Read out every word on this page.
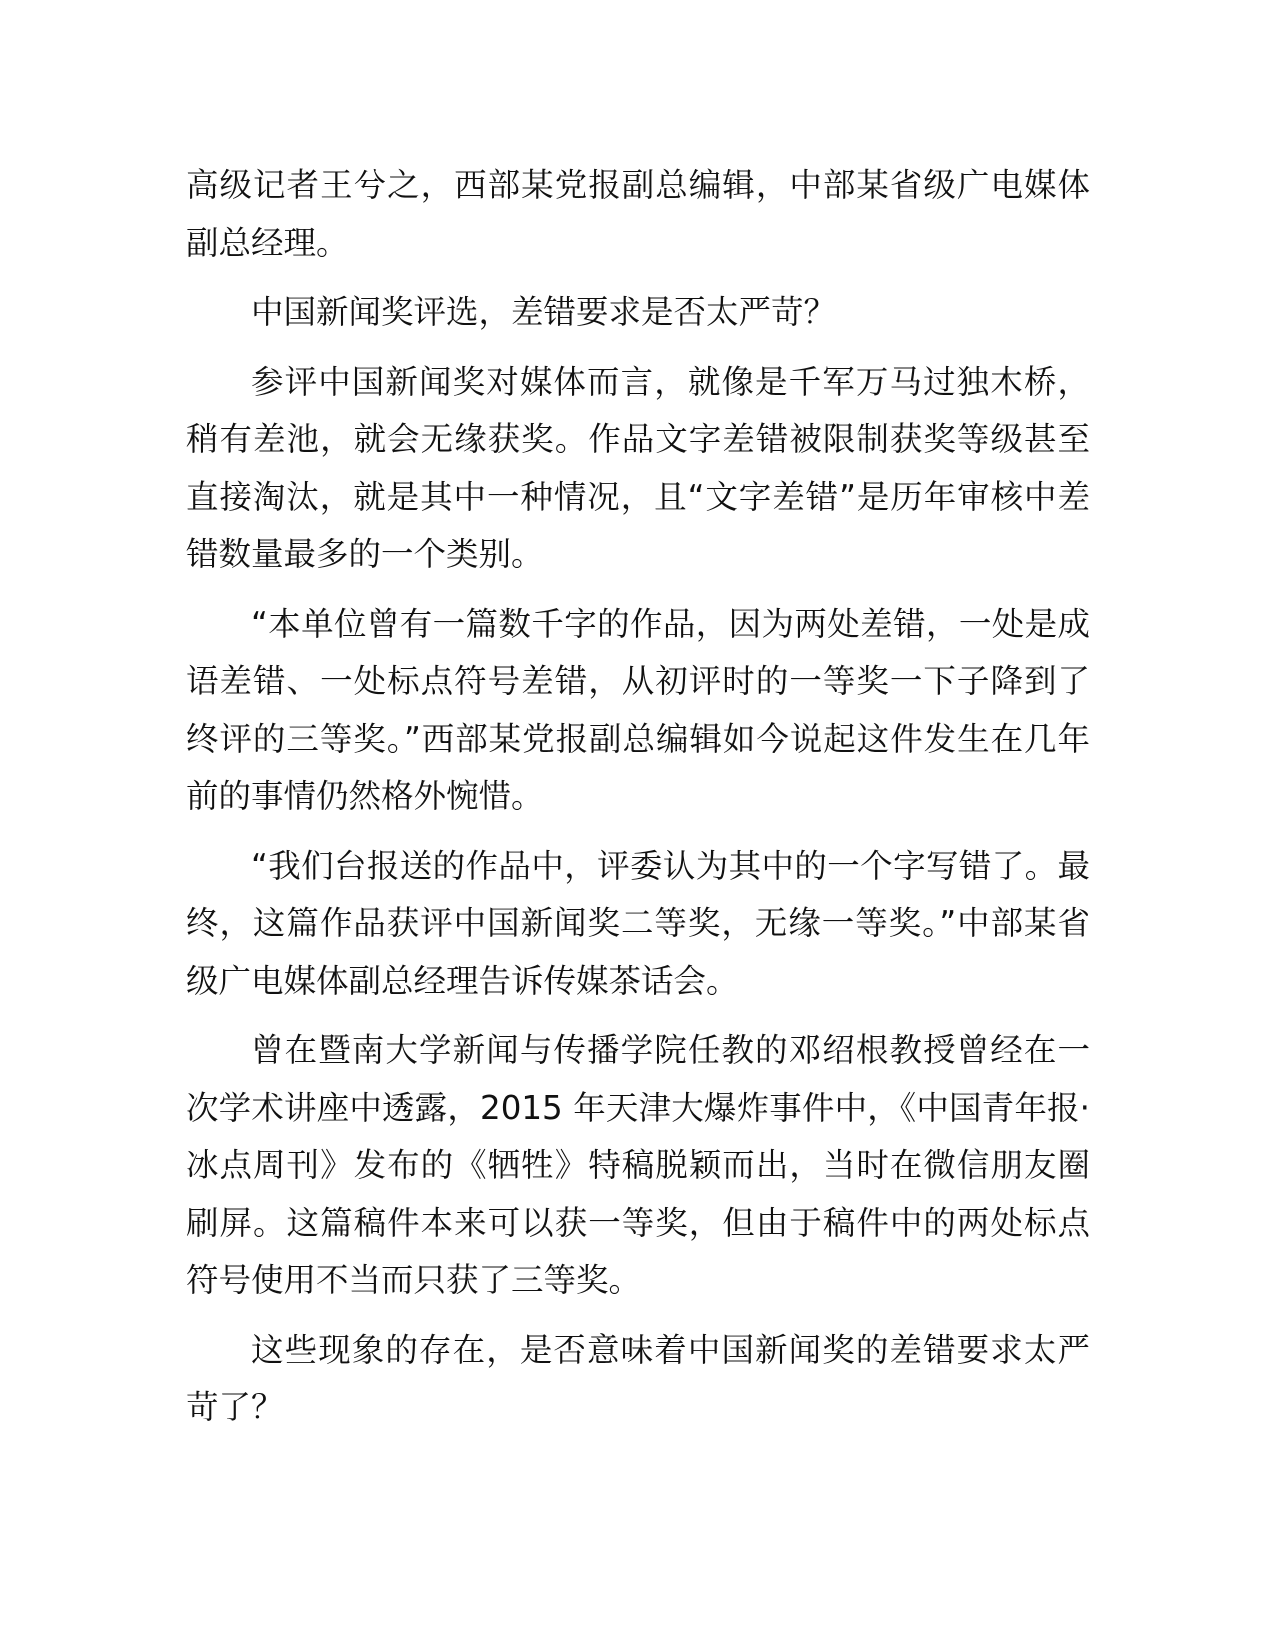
高级记者王兮之，西部某党报副总编辑，中部某省级广电媒体副总经理。

中国新闻奖评选，差错要求是否太严苛？

参评中国新闻奖对媒体而言，就像是千军万马过独木桥，稍有差池，就会无缘获奖。作品文字差错被限制获奖等级甚至直接淘汰，就是其中一种情况，且“文字差错”是历年审核中差错数量最多的一个类别。

“本单位曾有一篇数千字的作品，因为两处差错，一处是成语差错、一处标点符号差错，从初评时的一等奖一下子降到了终评的三等奖。”西部某党报副总编辑如今说起这件发生在几年前的事情仍然格外惋惜。

“我们台报送的作品中，评委认为其中的一个字写错了。最终，这篇作品获评中国新闻奖二等奖，无缘一等奖。”中部某省级广电媒体副总经理告诉传媒茶话会。

曾在暨南大学新闻与传播学院任教的邓绍根教授曾经在一次学术讲座中透露，2015 年天津大爆炸事件中，《中国青年报·冰点周刊》发布的《牺牲》特稿脱颖而出，当时在微信朋友圈刷屏。这篇稿件本来可以获一等奖，但由于稿件中的两处标点符号使用不当而只获了三等奖。

这些现象的存在，是否意味着中国新闻奖的差错要求太严苛了？
